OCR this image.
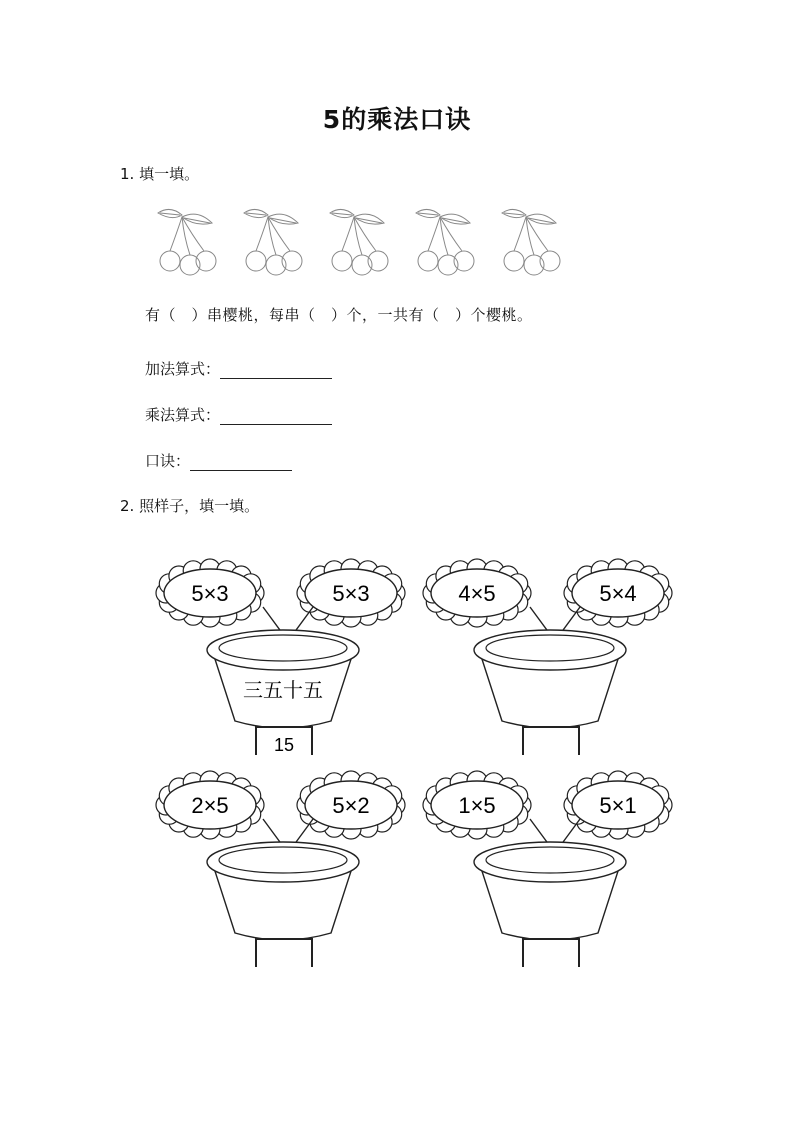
5的乘法口诀
1. 填一填。
有（　）串樱桃，每串（　）个，一共有（　）个樱桃。
加法算式：
乘法算式：
口诀：
2. 照样子，填一填。
5×3	5×3
三五十五
15
4×5	5×4
2×5	5×2	1×5	5×1
